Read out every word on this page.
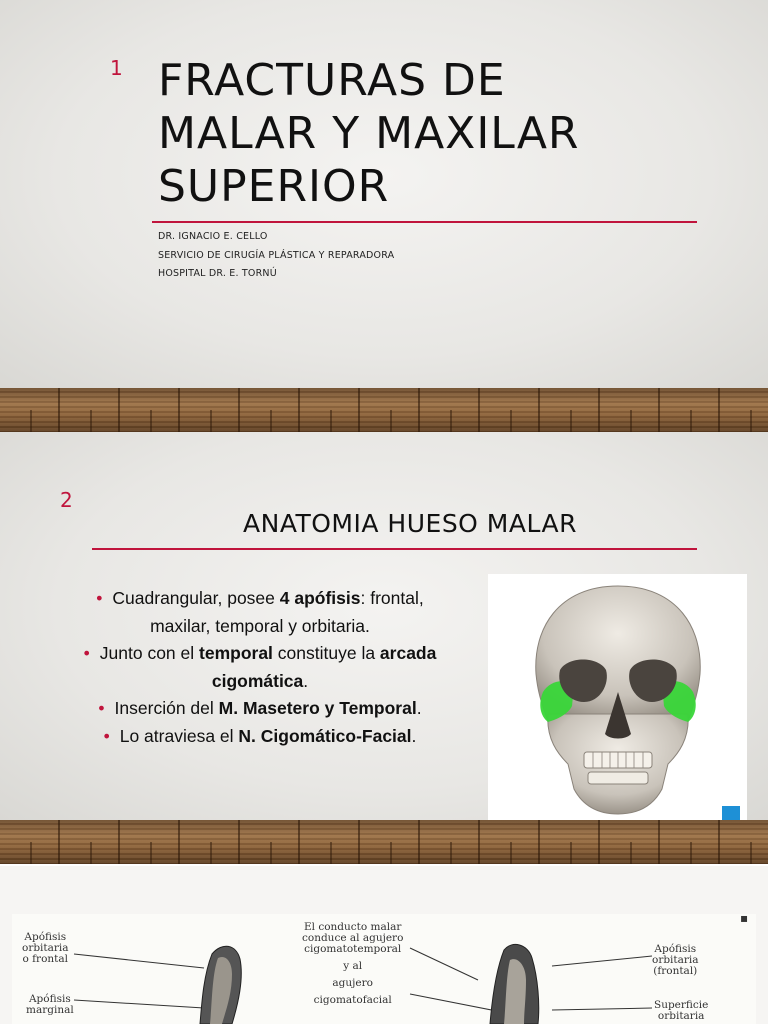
1 FRACTURAS DE
MALAR Y MAXILAR
SUPERIOR
DR. IGNACIO E. CELLO
SERVICIO DE CIRUGÍA PLÁSTICA Y REPARADORA
HOSPITAL DR. E. TORNÚ
2
ANATOMIA HUESO MALAR
• Cuadrangular, posee 4 apófisis: frontal,
maxilar, temporal y orbitaria.
• Junto con el temporal constituye la arcada
cigomática.
• Inserción del M. Masetero y Temporal.
• Lo atraviesa el N. Cigomático-Facial.
▪
Apófisis
orbitaria
o frontal
Apófisis
marginal
El conducto malar
conduce al agujero
cigomatotemporal
y al
agujero
cigomatofacial
Apófisis
orbitaria
(frontal)
Superficie
orbitaria
